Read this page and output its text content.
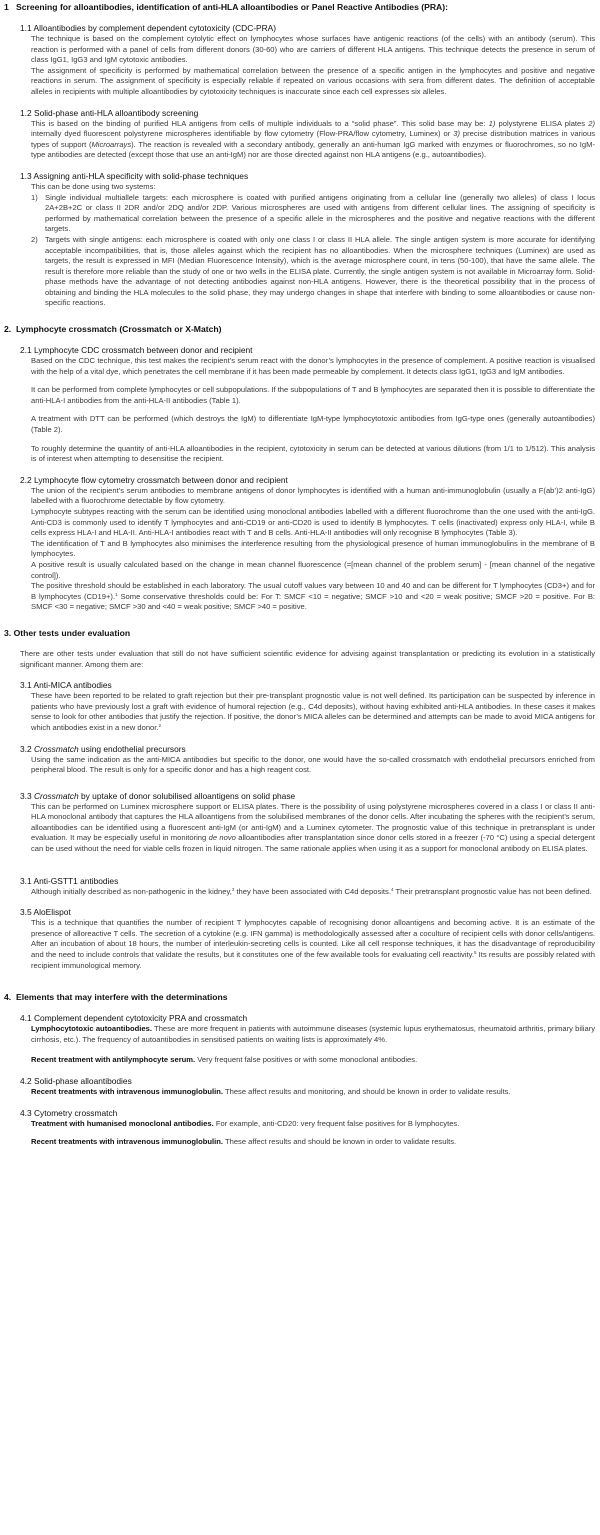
1 Screening for alloantibodies, identification of anti-HLA alloantibodies or Panel Reactive Antibodies (PRA):
1.1 Alloantibodies by complement dependent cytotoxicity (CDC-PRA)

The technique is based on the complement cytolytic effect on lymphocytes whose surfaces have antigenic reactions (of the cells) with an antibody (serum). This reaction is performed with a panel of cells from different donors (30-60) who are carriers of different HLA antigens. This technique detects the presence in serum of class IgG1, IgG3 and IgM cytotoxic antibodies.

The assignment of specificity is performed by mathematical correlation between the presence of a specific antigen in the lymphocytes and positive and negative reactions in serum. The assignment of specificity is especially reliable if repeated on various occasions with sera from different dates. The definition of acceptable alleles in recipients with multiple alloantibodies by cytotoxicity techniques is inaccurate since each cell expresses six alleles.

1.2 Solid-phase anti-HLA alloantibody screening

This is based on the binding of purified HLA antigens from cells of multiple individuals to a “solid phase”. This solid base may be: 1) polystyrene ELISA plates 2) internally dyed fluorescent polystyrene microspheres identifiable by flow cytometry (Flow-PRA/flow cytometry, Luminex) or 3) precise distribution matrices in various types of support (Microarrays). The reaction is revealed with a secondary antibody, generally an anti-human IgG marked with enzymes or fluorochromes, so no IgM-type antibodies are detected (except those that use an anti-IgM) nor are those directed against non HLA antigens (e.g., autoantibodies).

1.3 Assigning anti-HLA specificity with solid-phase techniques

This can be done using two systems:

1) Single individual multiallele targets: each microsphere is coated with purified antigens originating from a cellular line (generally two alleles) of class I locus 2A+2B+2C or class II 2DR and/or 2DQ and/or 2DP. Various microspheres are used with antigens from different cellular lines. The assigning of specificity is performed by mathematical correlation between the presence of a specific allele in the microspheres and the positive and negative reactions with the different targets.
2) Targets with single antigens: each microsphere is coated with only one class I or class II HLA allele. The single antigen system is more accurate for identifying acceptable incompatibilities, that is, those alleles against which the recipient has no alloantibodies. When the microsphere techniques (Luminex) are used as targets, the result is expressed in MFI (Median Fluorescence Intensity), which is the average microsphere count, in tens (50-100), that have the same allele. The result is therefore more reliable than the study of one or two wells in the ELISA plate. Currently, the single antigen system is not available in Microarray form. Solid-phase methods have the advantage of not detecting antibodies against non-HLA antigens. However, there is the theoretical possibility that in the process of obtaining and binding the HLA molecules to the solid phase, they may undergo changes in shape that interfere with binding to some alloantibodies or cause non-specific reactions.
2. Lymphocyte crossmatch (Crossmatch or X-Match)
2.1 Lymphocyte CDC crossmatch between donor and recipient

Based on the CDC technique, this test makes the recipient’s serum react with the donor’s lymphocytes in the presence of complement. A positive reaction is visualised with the help of a vital dye, which penetrates the cell membrane if it has been made permeable by complement. It detects class IgG1, IgG3 and IgM antibodies.

It can be performed from complete lymphocytes or cell subpopulations. If the subpopulations of T and B lymphocytes are separated then it is possible to differentiate the anti-HLA-I antibodies from the anti-HLA-II antibodies (Table 1).

A treatment with DTT can be performed (which destroys the IgM) to differentiate IgM-type lymphocytotoxic antibodies from IgG-type ones (generally autoantibodies) (Table 2).

To roughly determine the quantity of anti-HLA alloantibodies in the recipient, cytotoxicity in serum can be detected at various dilutions (from 1/1 to 1/512). This analysis is of interest when attempting to desensitise the recipient.

2.2 Lymphocyte flow cytometry crossmatch between donor and recipient

The union of the recipient’s serum antibodies to membrane antigens of donor lymphocytes is identified with a human anti-immunoglobulin (usually a F(ab’)2 anti-IgG) labelled with a fluorochrome detectable by flow cytometry.

Lymphocyte subtypes reacting with the serum can be identified using monoclonal antibodies labelled with a different fluorochrome than the one used with the anti-IgG. Anti-CD3 is commonly used to identify T lymphocytes and anti-CD19 or anti-CD20 is used to identify B lymphocytes. T cells (inactivated) express only HLA-I, while B cells express HLA-I and HLA-II. Anti-HLA-I antibodies react with T and B cells. Anti-HLA-II antibodies will only recognise B lymphocytes (Table 3).

The identification of T and B lymphocytes also minimises the interference resulting from the physiological presence of human immunoglobulins in the membrane of B lymphocytes.

A positive result is usually calculated based on the change in mean channel fluorescence (=[mean channel of the problem serum] - [mean channel of the negative control]).

The positive threshold should be established in each laboratory. The usual cutoff values vary between 10 and 40 and can be different for T lymphocytes (CD3+) and for B lymphocytes (CD19+).$^1$ Some conservative thresholds could be: For T: SMCF <10 = negative; SMCF >10 and <20 = weak positive; SMCF >20 = positive. For B: SMCF <30 = negative; SMCF >30 and <40 = weak positive; SMCF >40 = positive.

3. Other tests under evaluation

There are other tests under evaluation that still do not have sufficient scientific evidence for advising against transplantation or predicting its evolution in a statistically significant manner. Among them are:

3.1 Anti-MICA antibodies

These have been reported to be related to graft rejection but their pre-transplant prognostic value is not well defined. Its participation can be suspected by inference in patients who have previously lost a graft with evidence of humoral rejection (e.g., C4d deposits), without having exhibited anti-HLA antibodies. In these cases it makes sense to look for other antibodies that justify the rejection. If positive, the donor’s MICA alleles can be determined and attempts can be made to avoid MICA antigens for which antibodies exist in a new donor.$^2$

3.2 Crossmatch using endothelial precursors

Using the same indication as the anti-MICA antibodies but specific to the donor, one would have the so-called crossmatch with endothelial precursors enriched from peripheral blood. The result is only for a specific donor and has a high reagent cost.

3.3 Crossmatch by uptake of donor solubilised alloantigens on solid phase

This can be performed on Luminex microsphere support or ELISA plates. There is the possibility of using polystyrene microspheres covered in a class I or class II anti-HLA monoclonal antibody that captures the HLA alloantigens from the solubilised membranes of the donor cells. After incubating the spheres with the recipient’s serum, alloantibodies can be identified using a fluorescent anti-IgM (or anti-IgM) and a Luminex cytometer. The prognostic value of this technique in pretransplant is under evaluation. It may be especially useful in monitoring de novo alloantibodies after transplantation since donor cells stored in a freezer (-70 °C) using a special detergent can be used without the need for viable cells frozen in liquid nitrogen. The same rationale applies when using it as a support for monoclonal antibody on ELISA plates.

3.1 Anti-GSTT1 antibodies

Although initially described as non-pathogenic in the kidney,$^3$ they have been associated with C4d deposits.$^4$ Their pretransplant prognostic value has not been defined.

3.5 AloElispot

This is a technique that quantifies the number of recipient T lymphocytes capable of recognising donor alloantigens and becoming active. It is an estimate of the presence of alloreactive T cells. The secretion of a cytokine (e.g. IFN gamma) is methodologically assessed after a coculture of recipient cells with donor cells/antigens. After an incubation of about 18 hours, the number of interleukin-secreting cells is counted. Like all cell response techniques, it has the disadvantage of reproducibility and the need to include controls that validate the results, but it constitutes one of the few available tools for evaluating cell reactivity.$^5$ Its results are possibly related with recipient immunological memory.

4. Elements that may interfere with the determinations
4.1 Complement dependent cytotoxicity PRA and crossmatch

Lymphocytotoxic autoantibodies. These are more frequent in patients with autoimmune diseases (systemic lupus erythematosus, rheumatoid arthritis, primary biliary cirrhosis, etc.). The frequency of autoantibodies in sensitised patients on waiting lists is approximately 4%.

Recent treatment with antilymphocyte serum. Very frequent false positives or with some monoclonal antibodies.

4.2 Solid-phase alloantibodies

Recent treatments with intravenous immunoglobulin. These affect results and monitoring, and should be known in order to validate results.

4.3 Cytometry crossmatch

Treatment with humanised monoclonal antibodies. For example, anti-CD20: very frequent false positives for B lymphocytes.

Recent treatments with intravenous immunoglobulin. These affect results and should be known in order to validate results.
